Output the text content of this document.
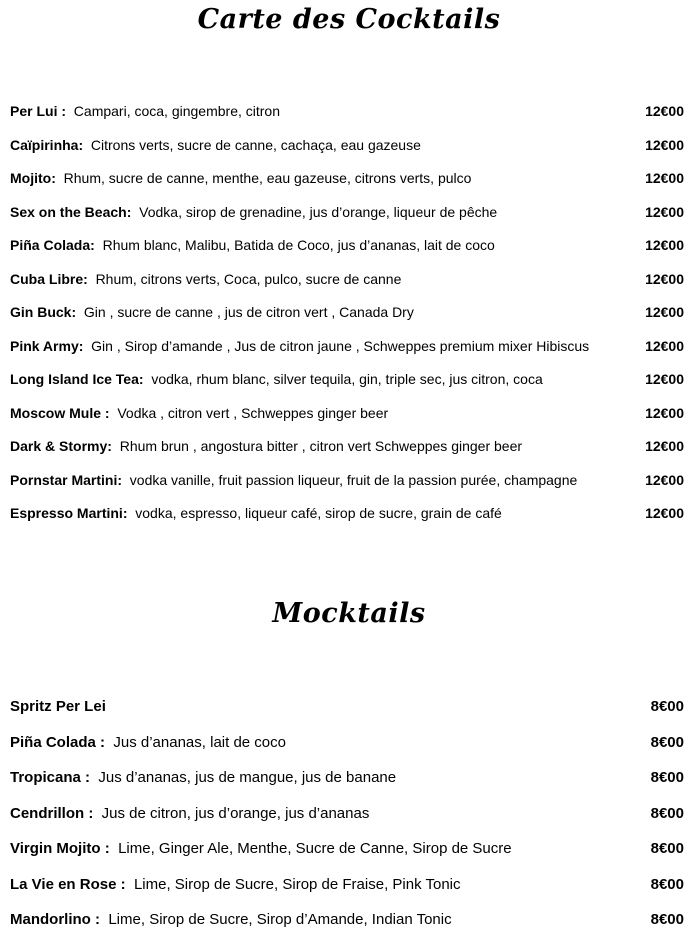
Carte des Cocktails
Per Lui : Campari, coca, gingembre, citron	12€00
Caïpirinha: Citrons verts, sucre de canne, cachaça, eau gazeuse	12€00
Mojito: Rhum, sucre de canne, menthe, eau gazeuse, citrons verts, pulco	12€00
Sex on the Beach: Vodka, sirop de grenadine, jus d’orange, liqueur de pêche	12€00
Piña Colada: Rhum blanc, Malibu, Batida de Coco, jus d’ananas, lait de coco	12€00
Cuba Libre: Rhum, citrons verts, Coca, pulco, sucre de canne	12€00
Gin Buck: Gin , sucre de canne , jus de citron vert , Canada Dry	12€00
Pink Army: Gin , Sirop d’amande , Jus de citron jaune , Schweppes premium mixer Hibiscus	12€00
Long Island Ice Tea: vodka, rhum blanc, silver tequila, gin, triple sec, jus citron, coca	12€00
Moscow Mule : Vodka , citron vert , Schweppes ginger beer	12€00
Dark & Stormy: Rhum brun , angostura bitter , citron vert Schweppes ginger beer	12€00
Pornstar Martini: vodka vanille, fruit passion liqueur, fruit de la passion purée, champagne	12€00
Espresso Martini: vodka, espresso, liqueur café, sirop de sucre, grain de café	12€00
Mocktails
Spritz Per Lei	8€00
Piña Colada : Jus d’ananas, lait de coco	8€00
Tropicana : Jus d’ananas, jus de mangue, jus de banane	8€00
Cendrillon : Jus de citron, jus d’orange, jus d’ananas	8€00
Virgin Mojito : Lime, Ginger Ale, Menthe, Sucre de Canne, Sirop de Sucre	8€00
La Vie en Rose : Lime, Sirop de Sucre, Sirop de Fraise, Pink Tonic	8€00
Mandorlino : Lime, Sirop de Sucre, Sirop d’Amande, Indian Tonic	8€00
